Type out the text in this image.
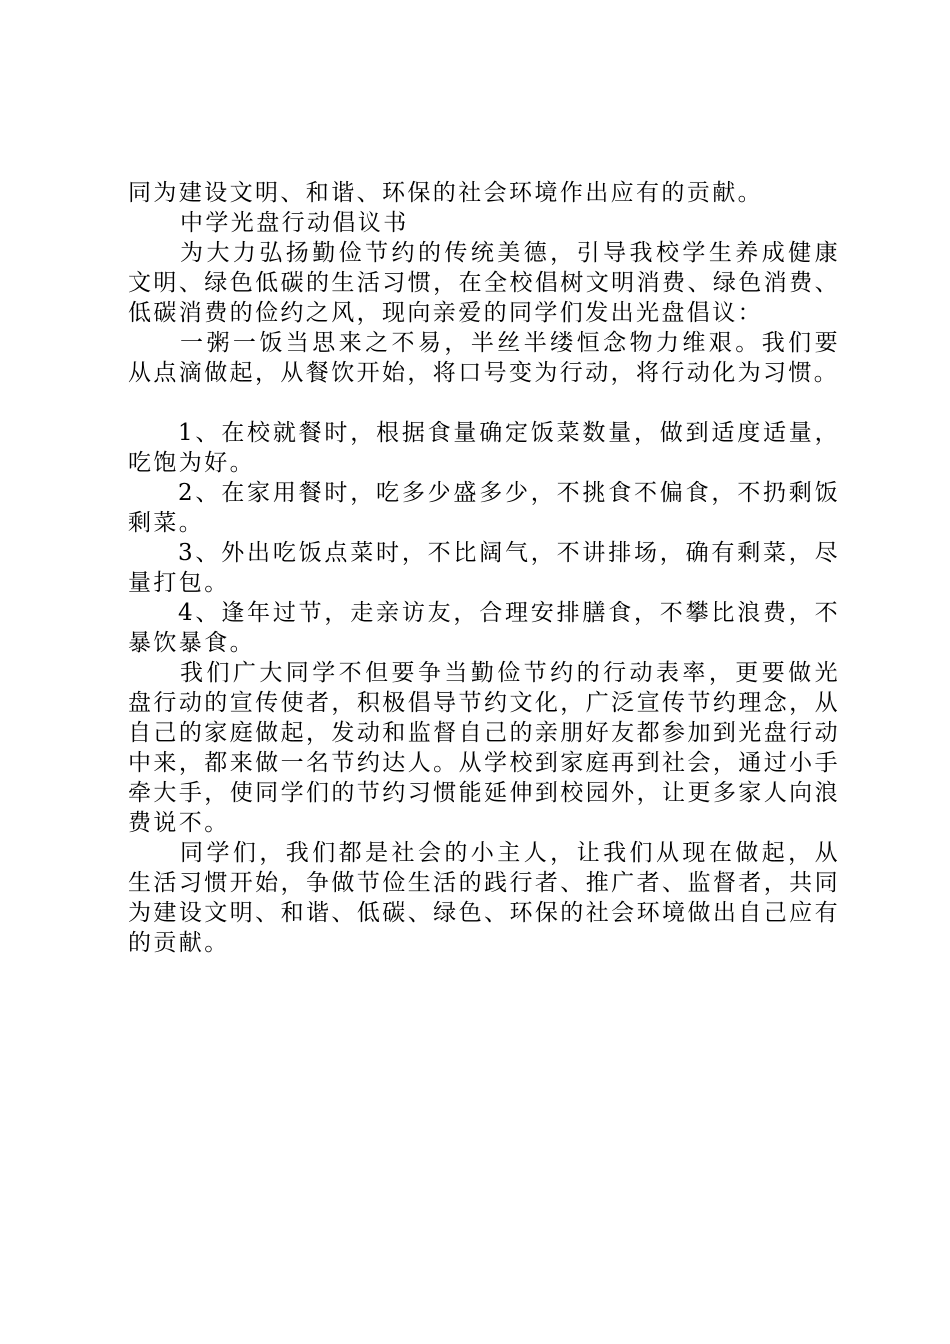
同为建设文明、和谐、环保的社会环境作出应有的贡献。

中学光盘行动倡议书

为大力弘扬勤俭节约的传统美德，引导我校学生养成健康文明、绿色低碳的生活习惯，在全校倡树文明消费、绿色消费、低碳消费的俭约之风，现向亲爱的同学们发出光盘倡议：

一粥一饭当思来之不易，半丝半缕恒念物力维艰。我们要从点滴做起，从餐饮开始，将口号变为行动，将行动化为习惯。

1、在校就餐时，根据食量确定饭菜数量，做到适度适量，吃饱为好。

2、在家用餐时，吃多少盛多少，不挑食不偏食，不扔剩饭剩菜。

3、外出吃饭点菜时，不比阔气，不讲排场，确有剩菜，尽量打包。

4、逢年过节，走亲访友，合理安排膳食，不攀比浪费，不暴饮暴食。

我们广大同学不但要争当勤俭节约的行动表率，更要做光盘行动的宣传使者，积极倡导节约文化，广泛宣传节约理念，从自己的家庭做起，发动和监督自己的亲朋好友都参加到光盘行动中来，都来做一名节约达人。从学校到家庭再到社会，通过小手牵大手，使同学们的节约习惯能延伸到校园外，让更多家人向浪费说不。

同学们，我们都是社会的小主人，让我们从现在做起，从生活习惯开始，争做节俭生活的践行者、推广者、监督者，共同为建设文明、和谐、低碳、绿色、环保的社会环境做出自己应有的贡献。
